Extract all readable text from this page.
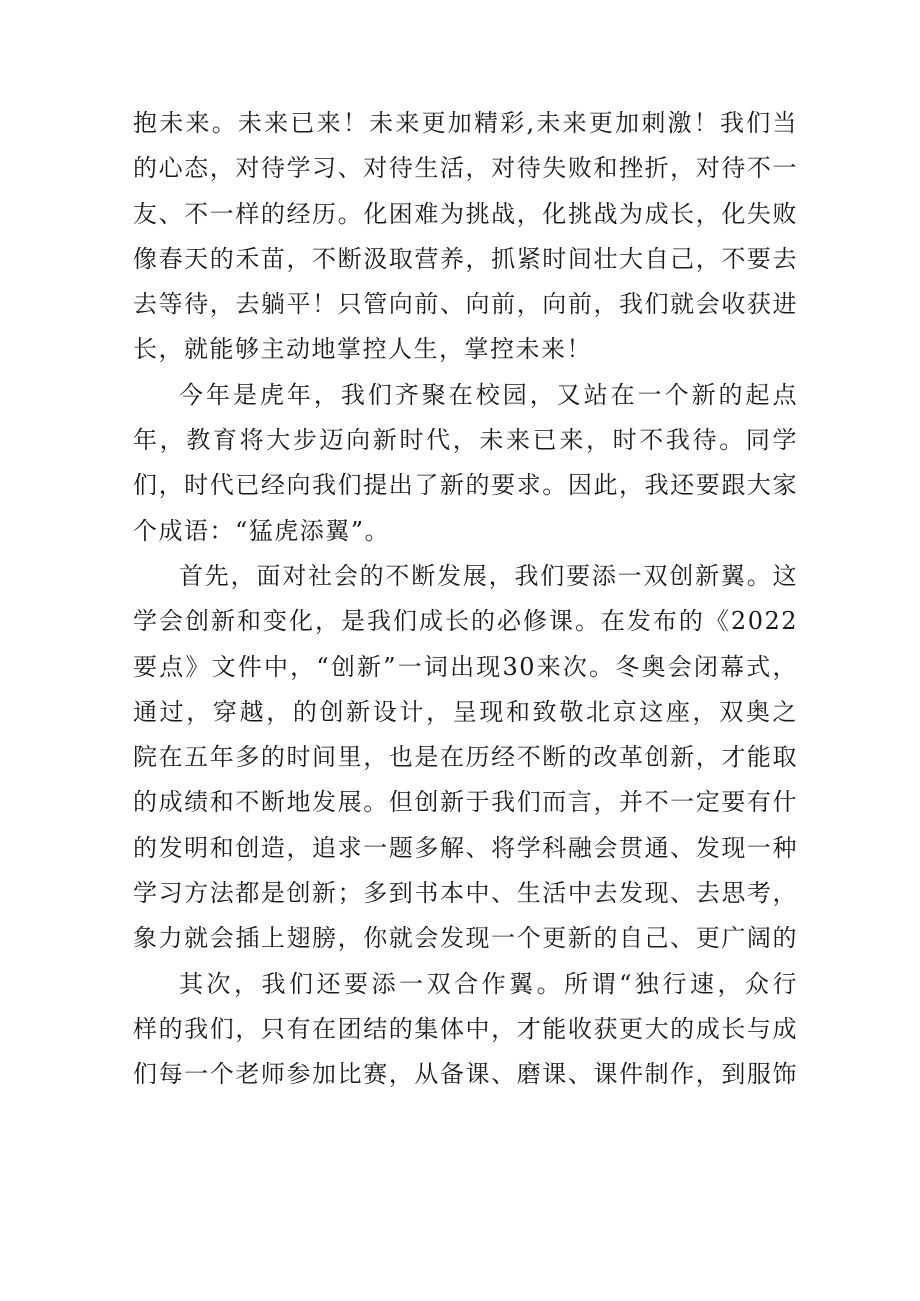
抱未来。未来已来！未来更加精彩,未来更加刺激！我们当
的心态，对待学习、对待生活，对待失败和挫折，对待不一
友、不一样的经历。化困难为挑战，化挑战为成长，化失败
像春天的禾苗，不断汲取营养，抓紧时间壮大自己，不要去
去等待，去躺平！只管向前、向前，向前，我们就会收获进
长，就能够主动地掌控人生，掌控未来！
今年是虎年，我们齐聚在校园，又站在一个新的起点
年，教育将大步迈向新时代，未来已来，时不我待。同学
们，时代已经向我们提出了新的要求。因此，我还要跟大家
个成语：“猛虎添翼”。
首先，面对社会的不断发展，我们要添一双创新翼。这
学会创新和变化，是我们成长的必修课。在发布的《2022
要点》文件中，“创新”一词出现30来次。冬奥会闭幕式，
通过，穿越，的创新设计，呈现和致敬北京这座，双奥之
院在五年多的时间里，也是在历经不断的改革创新，才能取
的成绩和不断地发展。但创新于我们而言，并不一定要有什
的发明和创造，追求一题多解、将学科融会贯通、发现一种
学习方法都是创新；多到书本中、生活中去发现、去思考，
象力就会插上翅膀，你就会发现一个更新的自己、更广阔的
其次，我们还要添一双合作翼。所谓“独行速，众行
样的我们，只有在团结的集体中，才能收获更大的成长与成
们每一个老师参加比赛，从备课、磨课、课件制作，到服饰
